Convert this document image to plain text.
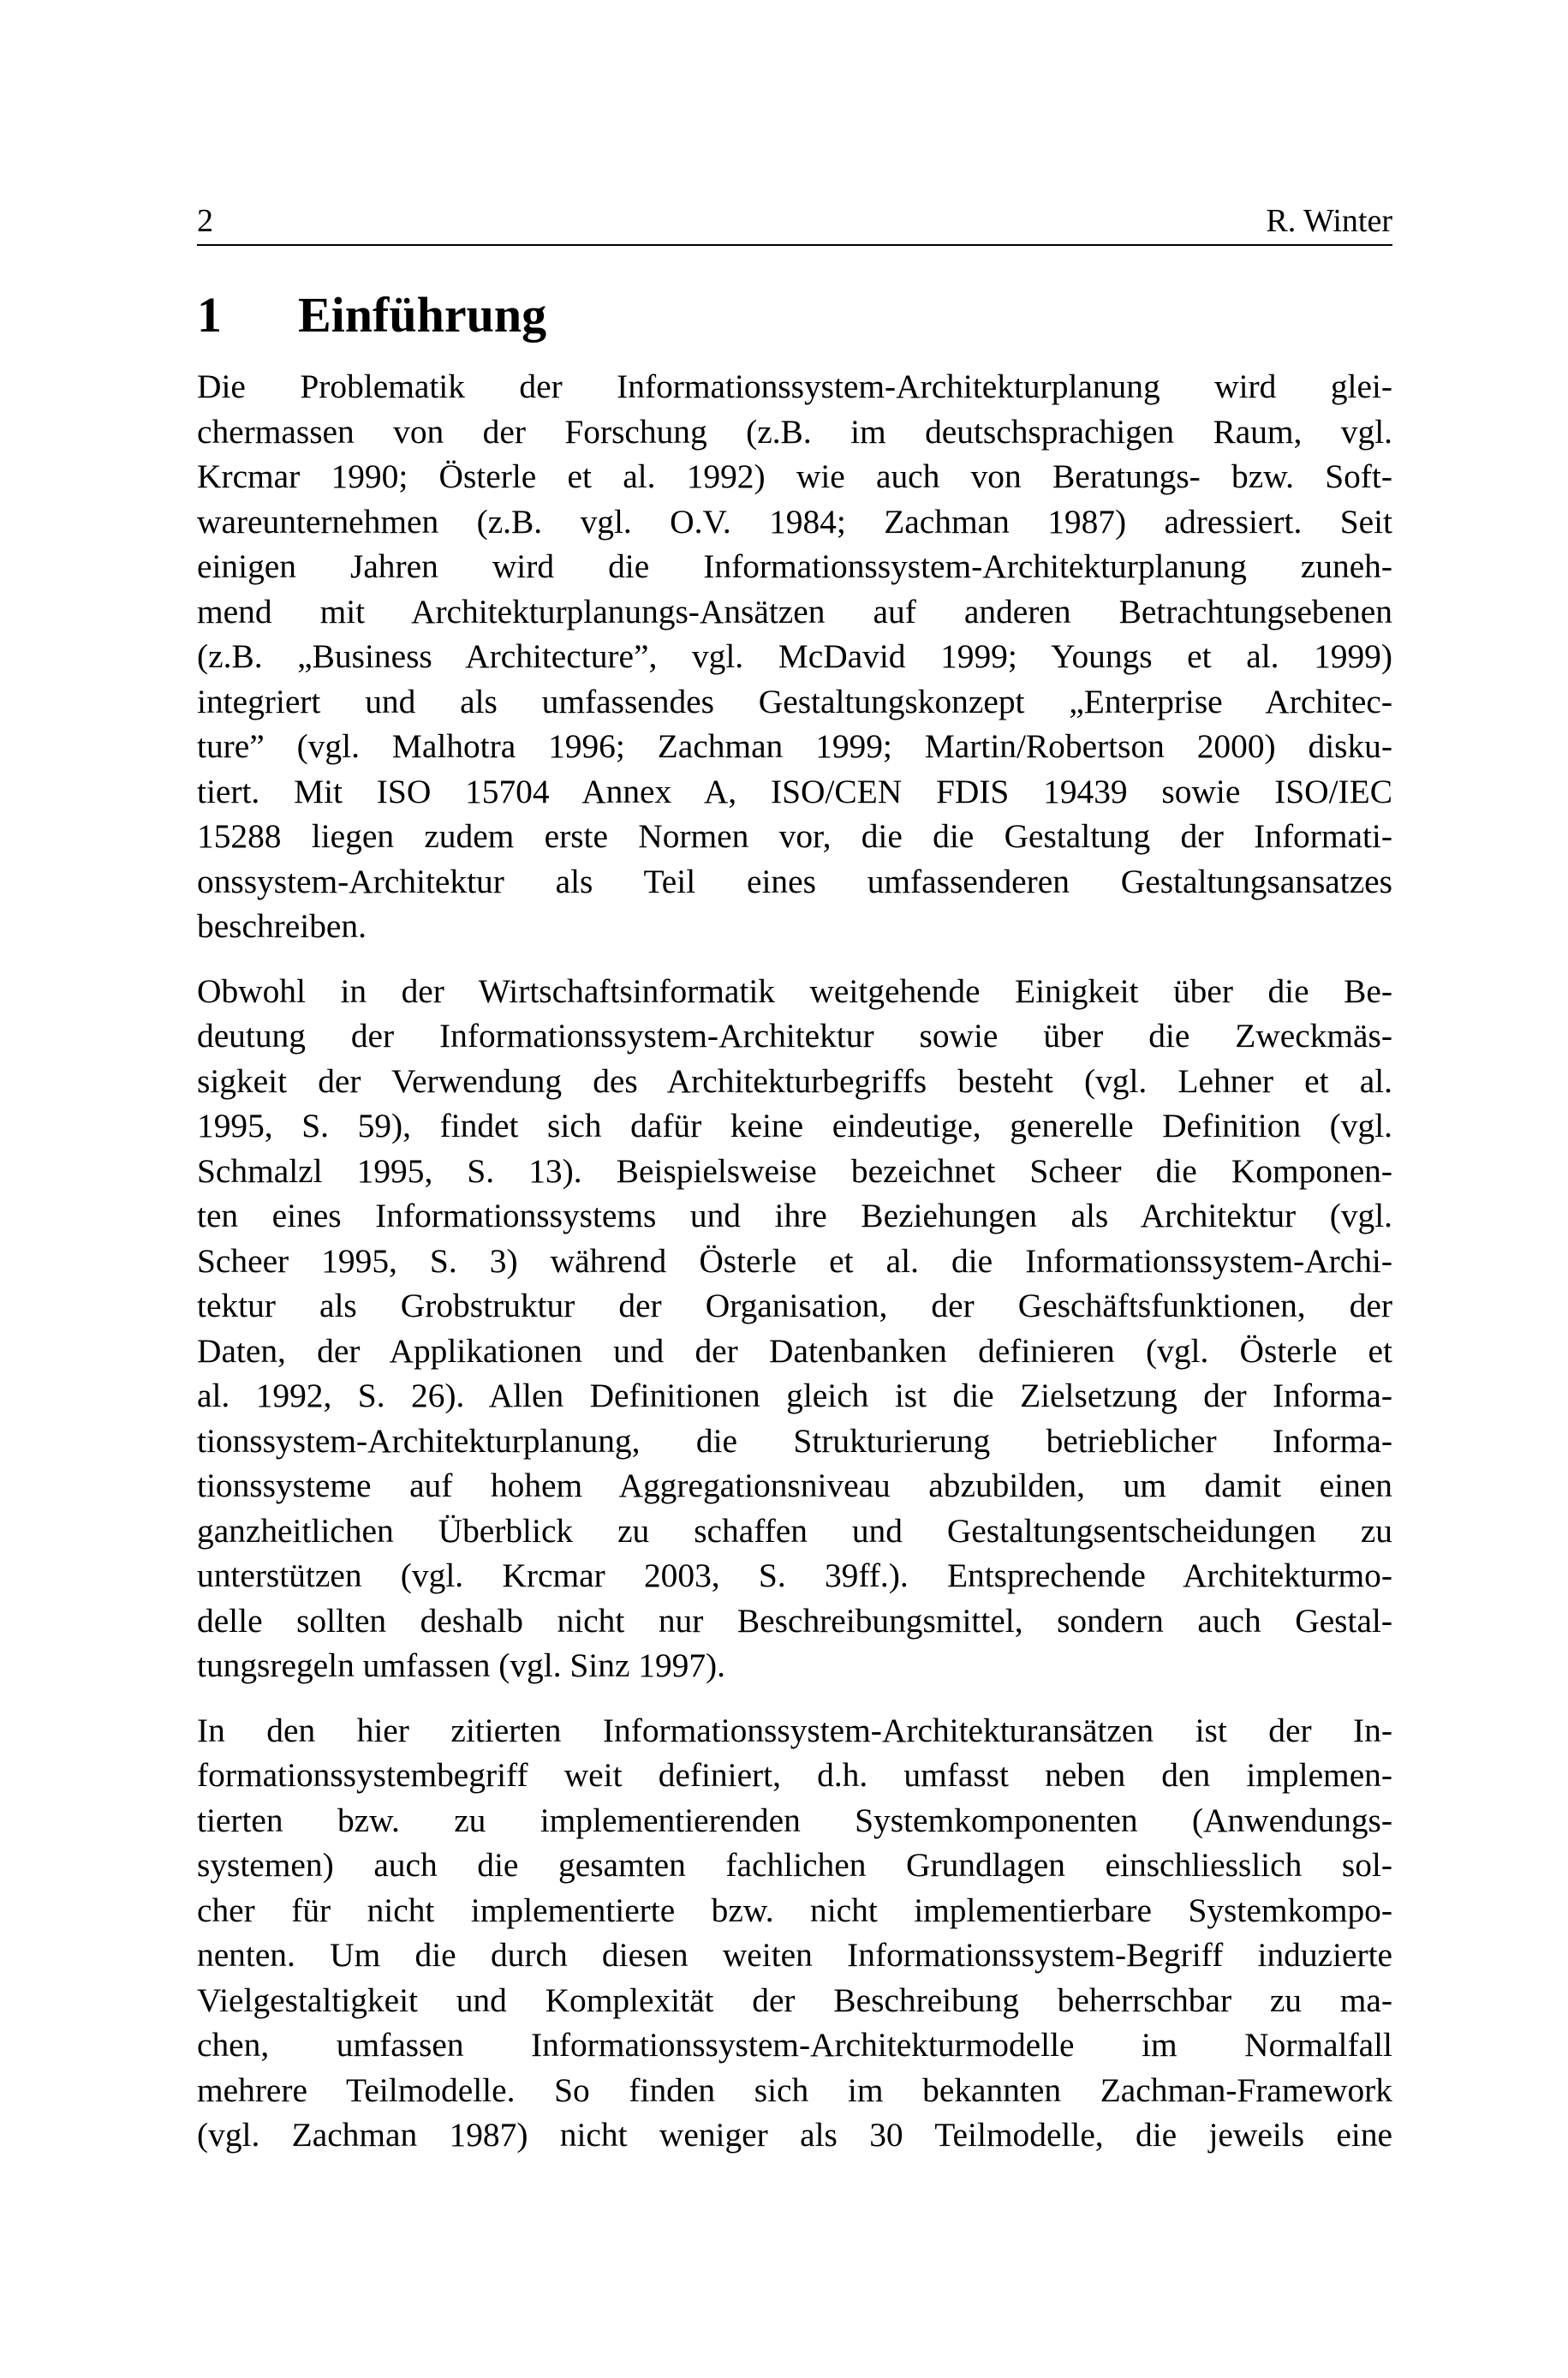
2	R. Winter
1	Einführung

Die Problematik der Informationssystem-Architekturplanung wird glei-
chermassen von der Forschung (z.B. im deutschsprachigen Raum, vgl.
Krcmar 1990; Österle et al. 1992) wie auch von Beratungs- bzw. Soft-
wareunternehmen (z.B. vgl. O.V. 1984; Zachman 1987) adressiert. Seit
einigen Jahren wird die Informationssystem-Architekturplanung zuneh-
mend mit Architekturplanungs-Ansätzen auf anderen Betrachtungsebenen
(z.B. „Business Architecture”, vgl. McDavid 1999; Youngs et al. 1999)
integriert und als umfassendes Gestaltungskonzept „Enterprise Architec-
ture” (vgl. Malhotra 1996; Zachman 1999; Martin/Robertson 2000) disku-
tiert. Mit ISO 15704 Annex A, ISO/CEN FDIS 19439 sowie ISO/IEC
15288 liegen zudem erste Normen vor, die die Gestaltung der Informati-
onssystem-Architektur als Teil eines umfassenderen Gestaltungsansatzes
beschreiben.

Obwohl in der Wirtschaftsinformatik weitgehende Einigkeit über die Be-
deutung der Informationssystem-Architektur sowie über die Zweckmäs-
sigkeit der Verwendung des Architekturbegriffs besteht (vgl. Lehner et al.
1995, S. 59), findet sich dafür keine eindeutige, generelle Definition (vgl.
Schmalzl 1995, S. 13). Beispielsweise bezeichnet Scheer die Komponen-
ten eines Informationssystems und ihre Beziehungen als Architektur (vgl.
Scheer 1995, S. 3) während Österle et al. die Informationssystem-Archi-
tektur als Grobstruktur der Organisation, der Geschäftsfunktionen, der
Daten, der Applikationen und der Datenbanken definieren (vgl. Österle et
al. 1992, S. 26). Allen Definitionen gleich ist die Zielsetzung der Informa-
tionssystem-Architekturplanung, die Strukturierung betrieblicher Informa-
tionssysteme auf hohem Aggregationsniveau abzubilden, um damit einen
ganzheitlichen Überblick zu schaffen und Gestaltungsentscheidungen zu
unterstützen (vgl. Krcmar 2003, S. 39ff.). Entsprechende Architekturmo-
delle sollten deshalb nicht nur Beschreibungsmittel, sondern auch Gestal-
tungsregeln umfassen (vgl. Sinz 1997).

In den hier zitierten Informationssystem-Architekturansätzen ist der In-
formationssystembegriff weit definiert, d.h. umfasst neben den implemen-
tierten bzw. zu implementierenden Systemkomponenten (Anwendungs-
systemen) auch die gesamten fachlichen Grundlagen einschliesslich sol-
cher für nicht implementierte bzw. nicht implementierbare Systemkompo-
nenten. Um die durch diesen weiten Informationssystem-Begriff induzierte
Vielgestaltigkeit und Komplexität der Beschreibung beherrschbar zu ma-
chen, umfassen Informationssystem-Architekturmodelle im Normalfall
mehrere Teilmodelle. So finden sich im bekannten Zachman-Framework
(vgl. Zachman 1987) nicht weniger als 30 Teilmodelle, die jeweils eine
